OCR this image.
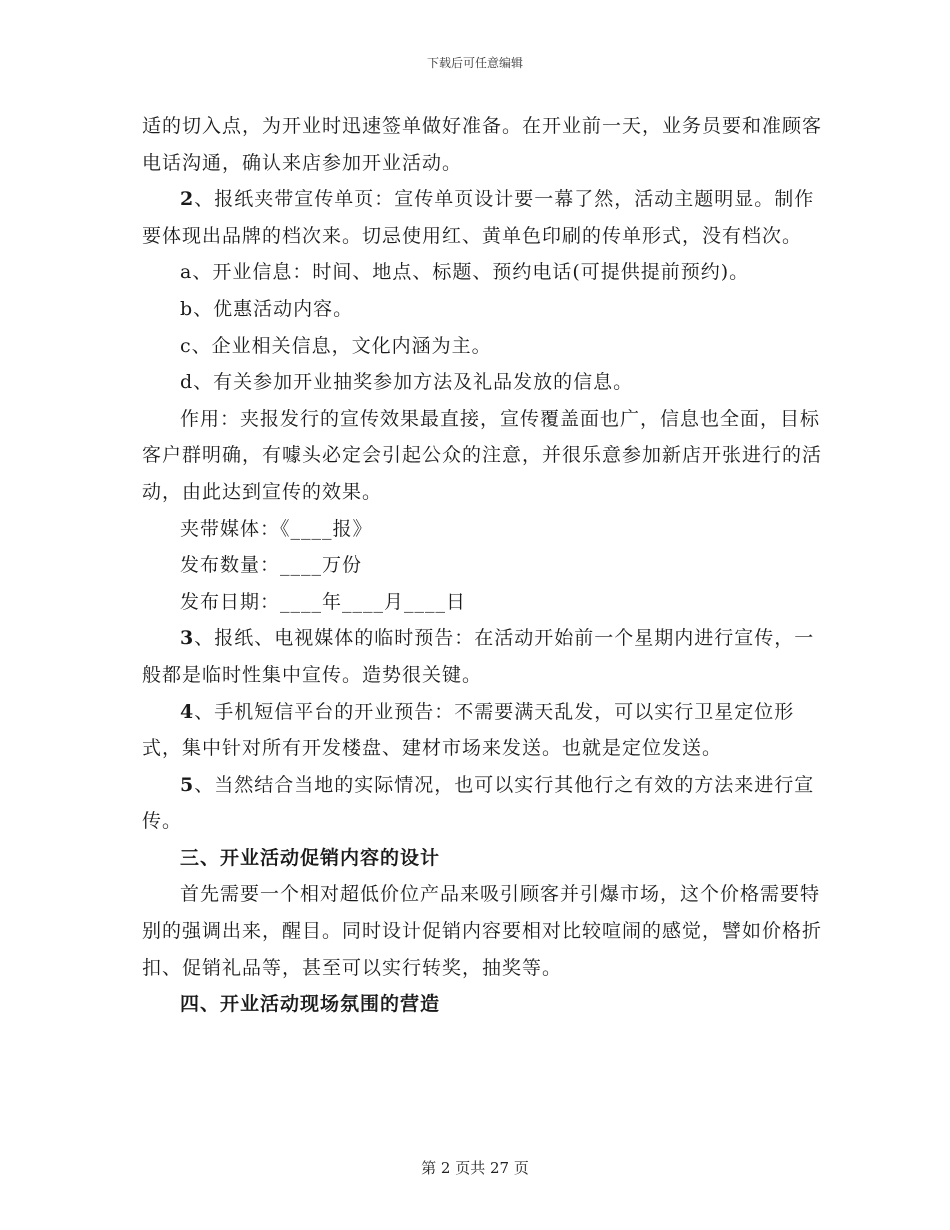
下载后可任意编辑

适的切入点，为开业时迅速签单做好准备。在开业前一天，业务员要和准顾客电话沟通，确认来店参加开业活动。

2、报纸夹带宣传单页：宣传单页设计要一幕了然，活动主题明显。制作要体现出品牌的档次来。切忌使用红、黄单色印刷的传单形式，没有档次。

a、开业信息：时间、地点、标题、预约电话(可提供提前预约)。

b、优惠活动内容。

c、企业相关信息，文化内涵为主。

d、有关参加开业抽奖参加方法及礼品发放的信息。

作用：夹报发行的宣传效果最直接，宣传覆盖面也广，信息也全面，目标客户群明确，有噱头必定会引起公众的注意，并很乐意参加新店开张进行的活动，由此达到宣传的效果。

夹带媒体：《____报》

发布数量：____万份

发布日期：____年____月____日

3、报纸、电视媒体的临时预告：在活动开始前一个星期内进行宣传，一般都是临时性集中宣传。造势很关键。

4、手机短信平台的开业预告：不需要满天乱发，可以实行卫星定位形式，集中针对所有开发楼盘、建材市场来发送。也就是定位发送。

5、当然结合当地的实际情况，也可以实行其他行之有效的方法来进行宣传。

三、开业活动促销内容的设计

首先需要一个相对超低价位产品来吸引顾客并引爆市场，这个价格需要特别的强调出来，醒目。同时设计促销内容要相对比较喧闹的感觉，譬如价格折扣、促销礼品等，甚至可以实行转奖，抽奖等。

四、开业活动现场氛围的营造

第 2 页共 27 页
